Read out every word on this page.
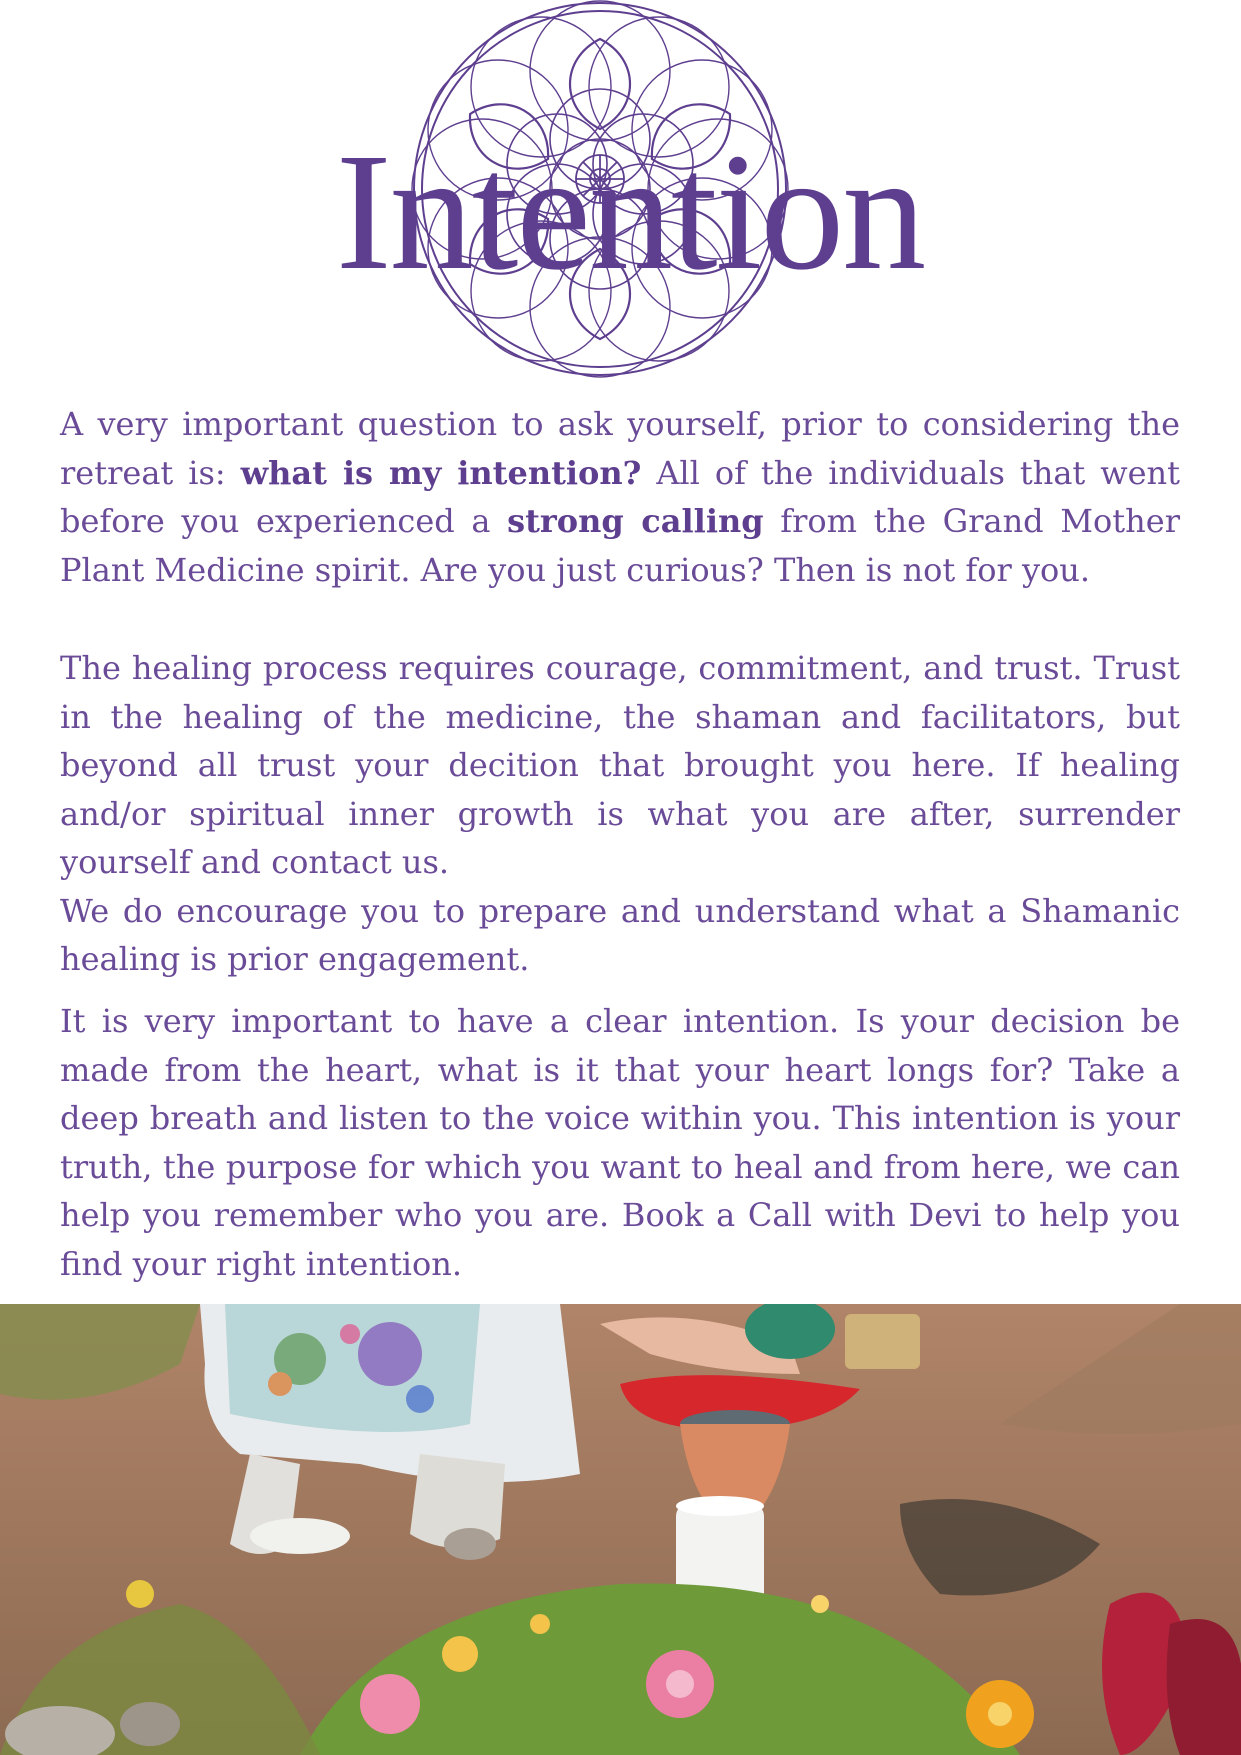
Intention

A very important question to ask yourself, prior to considering the retreat is: what is my intention? All of the individuals that went before you experienced a strong calling from the Grand Mother Plant Medicine spirit. Are you just curious? Then is not for you.

The healing process requires courage, commitment, and trust. Trust in the healing of the medicine, the shaman and facilitators, but beyond all trust your decition that brought you here. If healing and/or spiritual inner growth is what you are after, surrender yourself and contact us.

We do encourage you to prepare and understand what a Shamanic healing is prior engagement.

It is very important to have a clear intention. Is your decision be made from the heart, what is it that your heart longs for? Take a deep breath and listen to the voice within you. This intention is your truth, the purpose for which you want to heal and from here, we can help you remember who you are. Book a Call with Devi to help you find your right intention.
